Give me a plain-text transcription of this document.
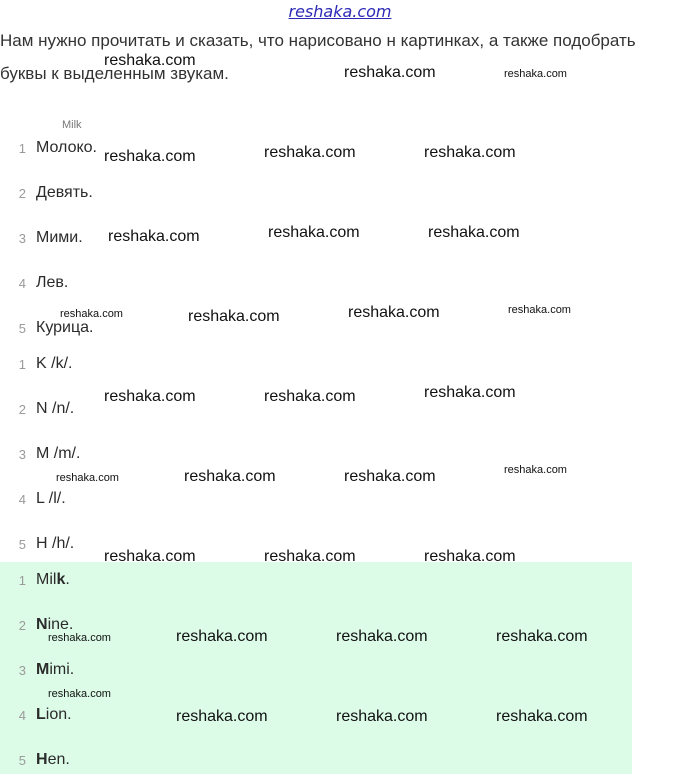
reshaka.com
Нам нужно прочитать и сказать, что нарисовано н картинках, а также подобрать буквы к выделенным звукам.
Milk
1 Молоко.
2 Девять.
3 Мими.
4 Лев.
5 Курица.
1 K /k/.
2 N /n/.
3 M /m/.
4 L /l/.
5 H /h/.
1 Milk.
2 Nine.
3 Mimi.
4 Lion.
5 Hen.
reshaka.com
reshaka.com	reshaka.com
reshaka.com	reshaka.com	reshaka.com
reshaka.com	reshaka.com	reshaka.com
reshaka.com	reshaka.com	reshaka.com	reshaka.com
reshaka.com	reshaka.com	reshaka.com
reshaka.com	reshaka.com	reshaka.com	reshaka.com
reshaka.com	reshaka.com	reshaka.com
reshaka.com	reshaka.com	reshaka.com	reshaka.com
reshaka.com
reshaka.com	reshaka.com	reshaka.com
